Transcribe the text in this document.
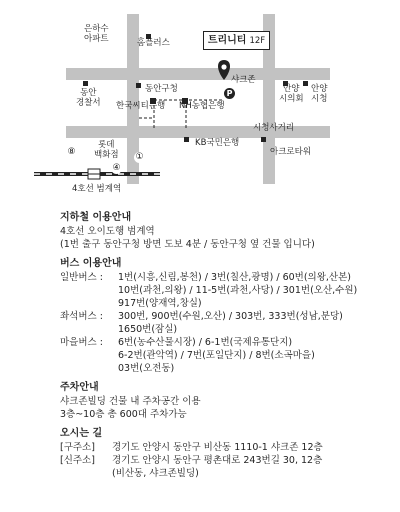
트리니티 12F
은하수
아파트	홈플러스
동안
경찰서
동안구청
한국씨티은행 NH농협은행
샤크존
P	안양
시의회
안양
시청
시청사거리
KB국민은행
롯데
백화점	아크로타워
4호선 범계역
⑧
④
①
지하철 이용안내
4호선 오이도행 범계역
(1번 출구 동안구청 방면 도보 4분 / 동안구청 옆 건물 입니다)
버스 이용안내
일반버스 :	1번(시흥,신림,봉천) / 3번(칠산,광명) / 60번(의왕,산본)
10번(과천,의왕) / 11-5번(과천,사당) / 301번(오산,수원)
917번(양재역,창실)
좌석버스 :	300번, 900번(수원,오산) / 303번, 333번(성남,분당)
1650번(잠실)
마을버스 :	6번(농수산물시장) / 6-1번(국제유통단지)
6-2번(관악역) / 7번(포일단지) / 8번(소곡마을)
03번(오전동)
주차안내
샤크존빌딩 건물 내 주차공간 이용
3층~10층 총 600대 주차가능
오시는 길
[구주소]	경기도 안양시 동안구 비산동 1110-1 샤크존 12층
[신주소]	경기도 안양시 동안구 평촌대로 243번길 30, 12층
(비산동, 샤크존빌딩)
